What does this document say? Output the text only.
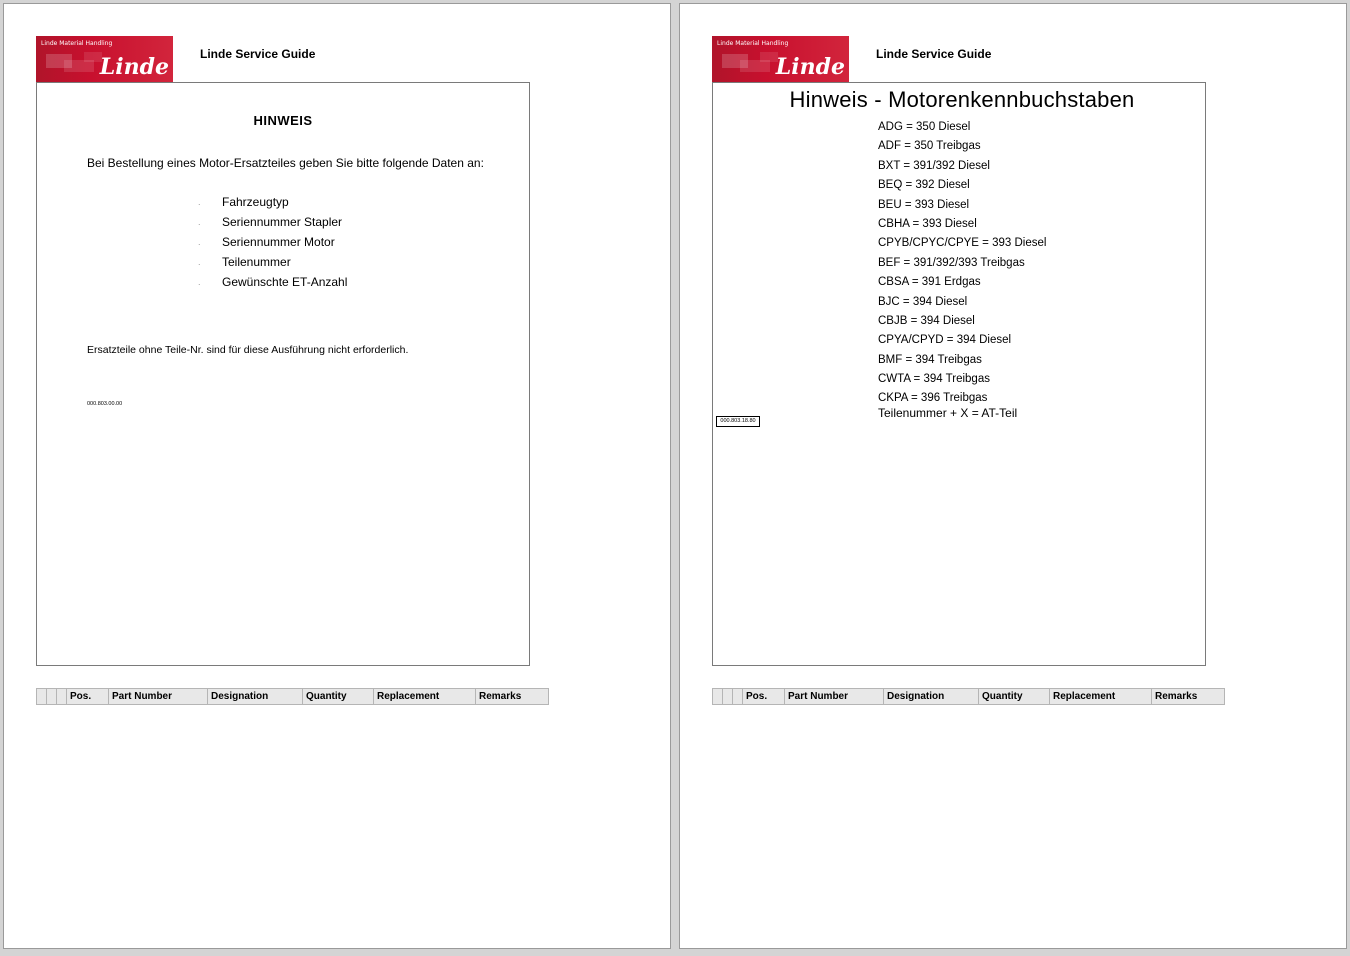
Linde Material Handling
Linde	Linde Service Guide
HINWEIS
Bei Bestellung eines Motor-Ersatzteiles geben Sie bitte folgende Daten an:
. Fahrzeugtyp
. Seriennummer Stapler
. Seriennummer Motor
. Teilenummer
. Gewünschte ET-Anzahl
Ersatzteile ohne Teile-Nr. sind für diese Ausführung nicht erforderlich.
000.803.00.00
Pos.	Part Number	Designation	Quantity	Replacement	Remarks
Linde Material Handling
Linde	Linde Service Guide
Hinweis - Motorenkennbuchstaben
ADG = 350 Diesel
ADF = 350 Treibgas
BXT = 391/392 Diesel
BEQ = 392 Diesel
BEU = 393 Diesel
CBHA = 393 Diesel
CPYB/CPYC/CPYE = 393 Diesel
BEF = 391/392/393 Treibgas
CBSA = 391 Erdgas
BJC = 394 Diesel
CBJB = 394 Diesel
CPYA/CPYD = 394 Diesel
BMF = 394 Treibgas
CWTA = 394 Treibgas
CKPA = 396 Treibgas
Teilenummer + X = AT-Teil
000.803.18.80
Pos.	Part Number	Designation	Quantity	Replacement	Remarks
